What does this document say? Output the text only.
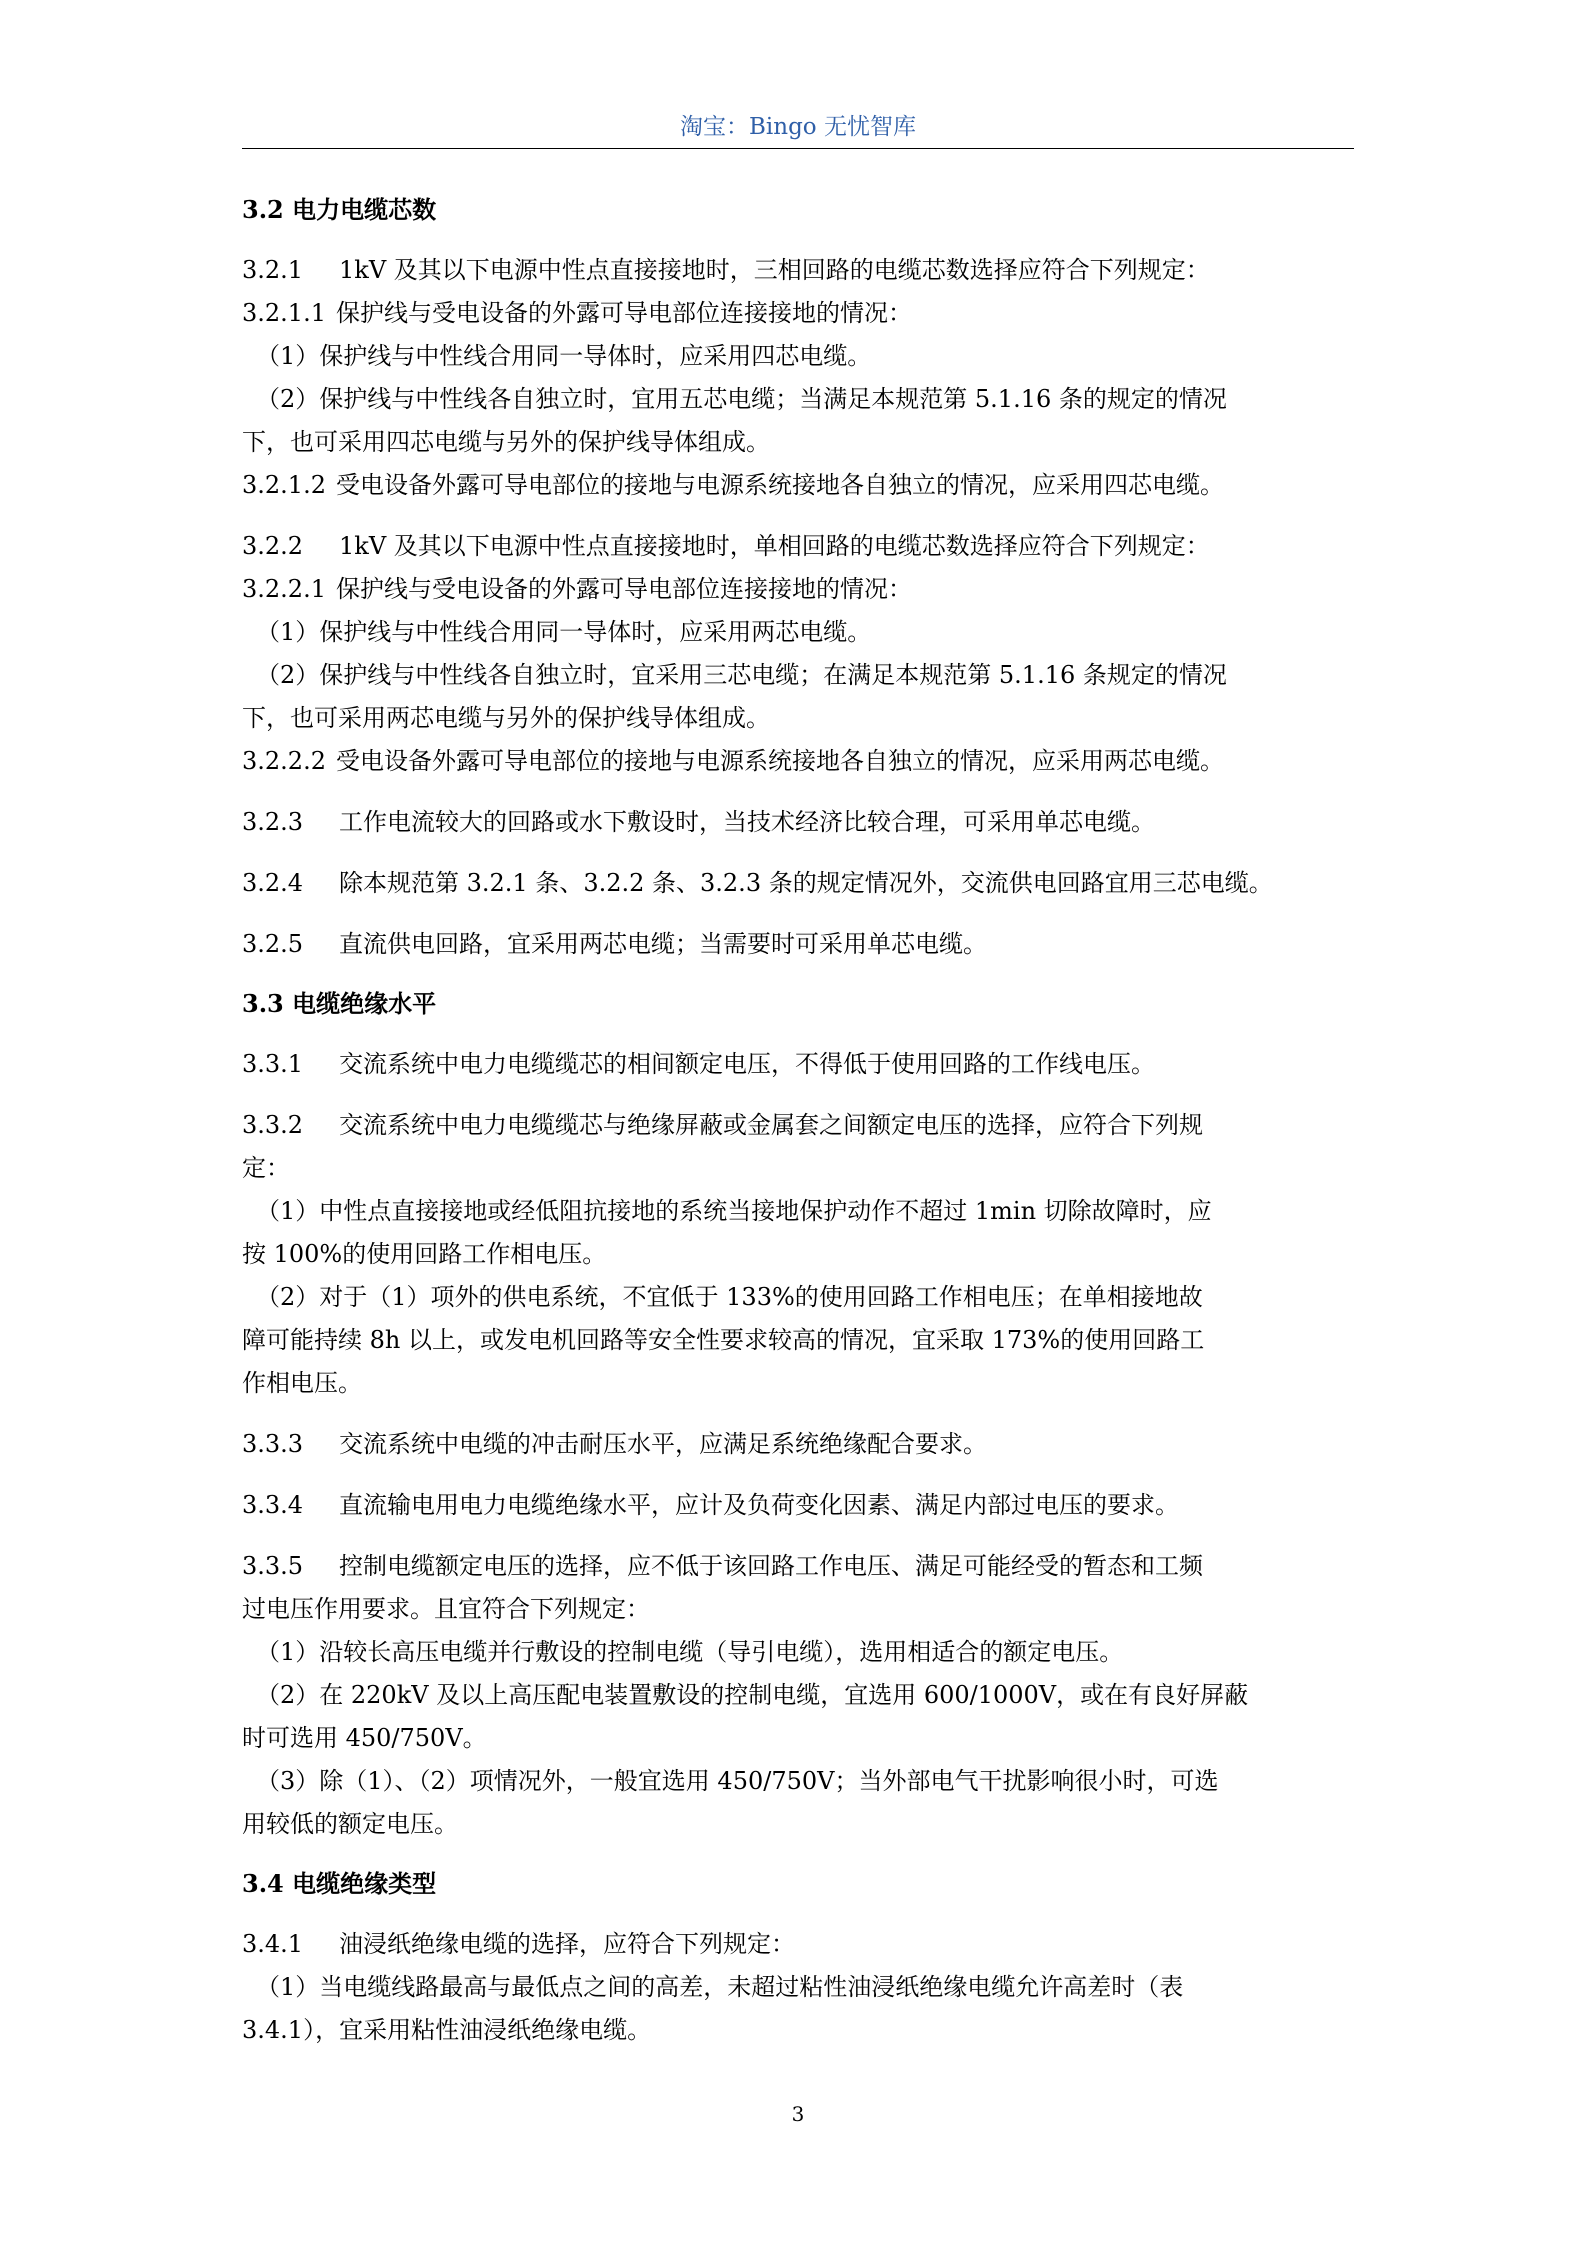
淘宝：Bingo 无忧智库

3.2 电力电缆芯数

3.2.1 1kV 及其以下电源中性点直接接地时，三相回路的电缆芯数选择应符合下列规定：

3.2.1.1 保护线与受电设备的外露可导电部位连接接地的情况：

（1）保护线与中性线合用同一导体时，应采用四芯电缆。

（2）保护线与中性线各自独立时，宜用五芯电缆；当满足本规范第 5.1.16 条的规定的情况

下，也可采用四芯电缆与另外的保护线导体组成。

3.2.1.2 受电设备外露可导电部位的接地与电源系统接地各自独立的情况，应采用四芯电缆。

3.2.2 1kV 及其以下电源中性点直接接地时，单相回路的电缆芯数选择应符合下列规定：

3.2.2.1 保护线与受电设备的外露可导电部位连接接地的情况：

（1）保护线与中性线合用同一导体时，应采用两芯电缆。

（2）保护线与中性线各自独立时，宜采用三芯电缆；在满足本规范第 5.1.16 条规定的情况

下，也可采用两芯电缆与另外的保护线导体组成。

3.2.2.2 受电设备外露可导电部位的接地与电源系统接地各自独立的情况，应采用两芯电缆。

3.2.3 工作电流较大的回路或水下敷设时，当技术经济比较合理，可采用单芯电缆。

3.2.4 除本规范第 3.2.1 条、3.2.2 条、3.2.3 条的规定情况外，交流供电回路宜用三芯电缆。

3.2.5 直流供电回路，宜采用两芯电缆；当需要时可采用单芯电缆。

3.3 电缆绝缘水平

3.3.1 交流系统中电力电缆缆芯的相间额定电压，不得低于使用回路的工作线电压。

3.3.2 交流系统中电力电缆缆芯与绝缘屏蔽或金属套之间额定电压的选择，应符合下列规

定：

（1）中性点直接接地或经低阻抗接地的系统当接地保护动作不超过 1min 切除故障时，应

按 100%的使用回路工作相电压。

（2）对于（1）项外的供电系统，不宜低于 133%的使用回路工作相电压；在单相接地故

障可能持续 8h 以上，或发电机回路等安全性要求较高的情况，宜采取 173%的使用回路工

作相电压。

3.3.3 交流系统中电缆的冲击耐压水平，应满足系统绝缘配合要求。

3.3.4 直流输电用电力电缆绝缘水平，应计及负荷变化因素、满足内部过电压的要求。

3.3.5 控制电缆额定电压的选择，应不低于该回路工作电压、满足可能经受的暂态和工频

过电压作用要求。且宜符合下列规定：

（1）沿较长高压电缆并行敷设的控制电缆（导引电缆），选用相适合的额定电压。

（2）在 220kV 及以上高压配电装置敷设的控制电缆，宜选用 600/1000V，或在有良好屏蔽

时可选用 450/750V。

（3）除（1）、（2）项情况外，一般宜选用 450/750V；当外部电气干扰影响很小时，可选

用较低的额定电压。

3.4 电缆绝缘类型

3.4.1 油浸纸绝缘电缆的选择，应符合下列规定：

（1）当电缆线路最高与最低点之间的高差，未超过粘性油浸纸绝缘电缆允许高差时（表

3.4.1），宜采用粘性油浸纸绝缘电缆。

3
